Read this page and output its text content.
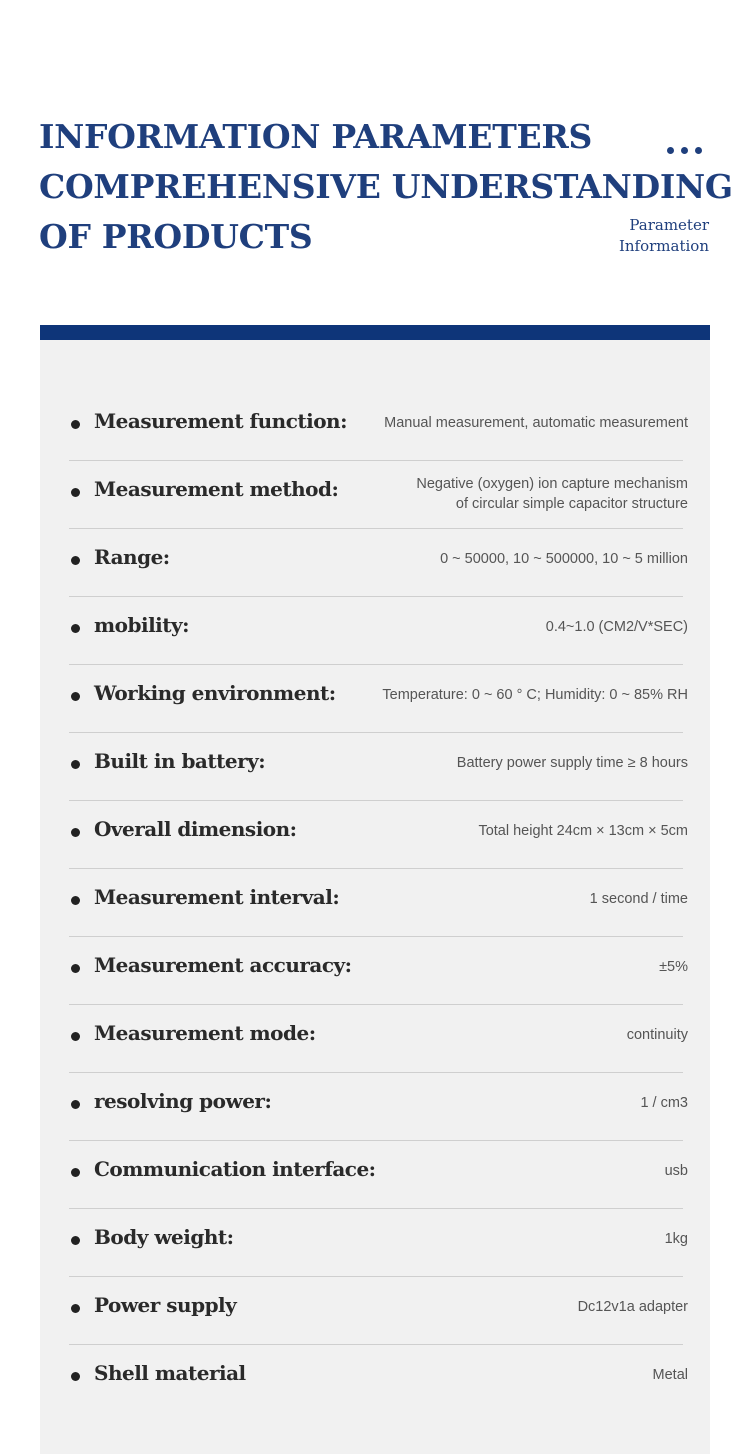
INFORMATION PARAMETERS
COMPREHENSIVE UNDERSTANDING
OF PRODUCTS	Parameter
Information
Measurement function:	Manual measurement, automatic measurement
Measurement method:	Negative (oxygen) ion capture mechanism
of circular simple capacitor structure
Range:	0 ~ 50000, 10 ~ 500000, 10 ~ 5 million
mobility:	0.4~1.0 (CM2/V*SEC)
Working environment:	Temperature: 0 ~ 60 ° C; Humidity: 0 ~ 85% RH
Built in battery:	Battery power supply time ≥ 8 hours
Overall dimension:	Total height 24cm × 13cm × 5cm
Measurement interval:	1 second / time
Measurement accuracy:	±5%
Measurement mode:	continuity
resolving power:	1 / cm3
Communication interface:	usb
Body weight:	1kg
Power supply	Dc12v1a adapter
Shell material	Metal
